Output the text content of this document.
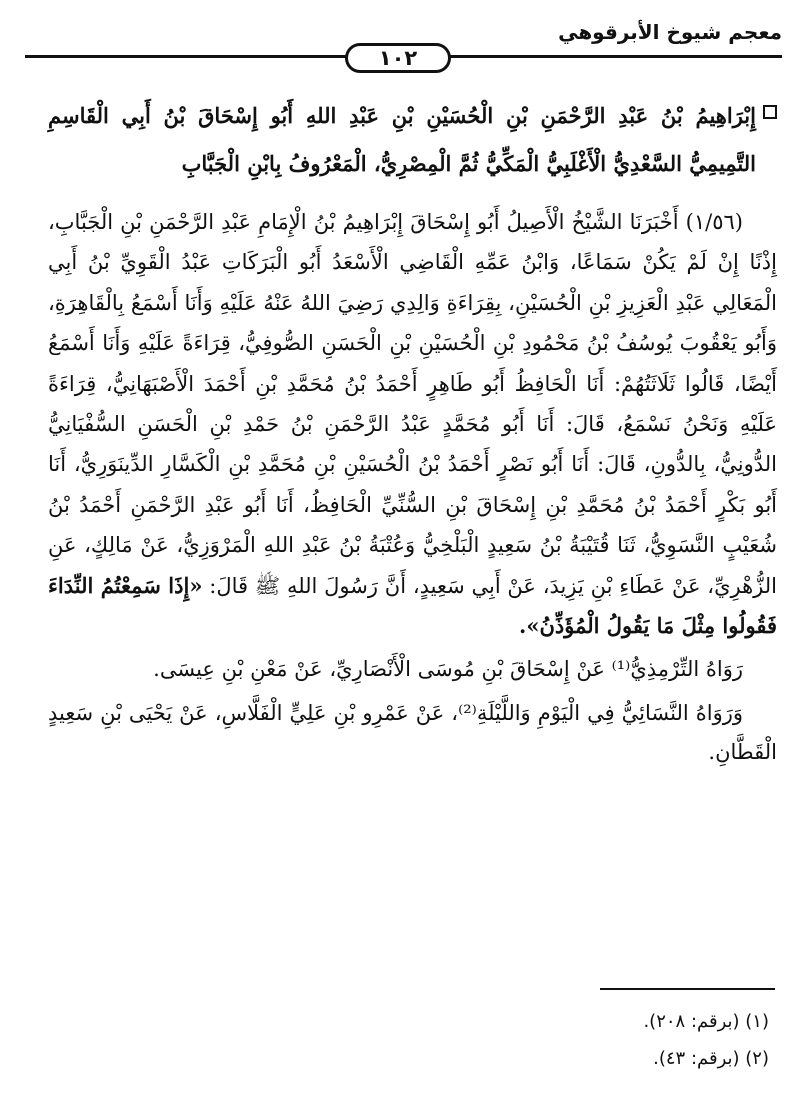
معجم شيوخ الأبرقوهي
١٠٢
إِبْرَاهِيمُ بْنُ عَبْدِ الرَّحْمَنِ بْنِ الْحُسَيْنِ بْنِ عَبْدِ اللهِ أَبُو إِسْحَاقَ بْنُ أَبِي الْقَاسِمِ التَّمِيمِيُّ السَّعْدِيُّ الْأَغْلَبِيُّ الْمَكِّيُّ ثُمَّ الْمِصْرِيُّ، الْمَعْرُوفُ بِابْنِ الْجَبَّابِ

(١/٥٦) أَخْبَرَنَا الشَّيْخُ الْأَصِيلُ أَبُو إِسْحَاقَ إِبْرَاهِيمُ بْنُ الْإِمَامِ عَبْدِ الرَّحْمَنِ بْنِ الْجَبَّابِ، إِذْنًا إِنْ لَمْ يَكُنْ سَمَاعًا، وَابْنُ عَمِّهِ الْقَاضِي الْأَسْعَدُ أَبُو الْبَرَكَاتِ عَبْدُ الْقَوِيِّ بْنُ أَبِي الْمَعَالِي عَبْدِ الْعَزِيزِ بْنِ الْحُسَيْنِ، بِقِرَاءَةِ وَالِدِي رَضِيَ اللهُ عَنْهُ عَلَيْهِ وَأَنَا أَسْمَعُ بِالْقَاهِرَةِ، وَأَبُو يَعْقُوبَ يُوسُفُ بْنُ مَحْمُودِ بْنِ الْحُسَيْنِ بْنِ الْحَسَنِ الصُّوفِيُّ، قِرَاءَةً عَلَيْهِ وَأَنَا أَسْمَعُ أَيْضًا، قَالُوا ثَلَاثَتُهُمْ: أَنَا الْحَافِظُ أَبُو طَاهِرٍ أَحْمَدُ بْنُ مُحَمَّدِ بْنِ أَحْمَدَ الْأَصْبَهَانِيُّ، قِرَاءَةً عَلَيْهِ وَنَحْنُ نَسْمَعُ، قَالَ: أَنَا أَبُو مُحَمَّدٍ عَبْدُ الرَّحْمَنِ بْنُ حَمْدِ بْنِ الْحَسَنِ السُّفْيَانِيُّ الدُّونِيُّ، بِالدُّونِ، قَالَ: أَنَا أَبُو نَصْرٍ أَحْمَدُ بْنُ الْحُسَيْنِ بْنِ مُحَمَّدِ بْنِ الْكَسَّارِ الدِّينَوَرِيُّ، أَنَا أَبُو بَكْرٍ أَحْمَدُ بْنُ مُحَمَّدِ بْنِ إِسْحَاقَ بْنِ السُّنِّيِّ الْحَافِظُ، أَنَا أَبُو عَبْدِ الرَّحْمَنِ أَحْمَدُ بْنُ شُعَيْبٍ النَّسَوِيُّ، ثَنَا قُتَيْبَةُ بْنُ سَعِيدٍ الْبَلْخِيُّ وَعُتْبَةُ بْنُ عَبْدِ اللهِ الْمَرْوَزِيُّ، عَنْ مَالِكٍ، عَنِ الزُّهْرِيِّ، عَنْ عَطَاءِ بْنِ يَزِيدَ، عَنْ أَبِي سَعِيدٍ، أَنَّ رَسُولَ اللهِ ﷺ قَالَ: «إِذَا سَمِعْتُمُ النِّدَاءَ فَقُولُوا مِثْلَ مَا يَقُولُ الْمُؤَذِّنُ».

رَوَاهُ التِّرْمِذِيُّ⁽¹⁾ عَنْ إِسْحَاقَ بْنِ مُوسَى الْأَنْصَارِيِّ، عَنْ مَعْنِ بْنِ عِيسَى.

وَرَوَاهُ النَّسَائِيُّ فِي الْيَوْمِ وَاللَّيْلَةِ⁽²⁾، عَنْ عَمْرِو بْنِ عَلِيٍّ الْفَلَّاسِ، عَنْ يَحْيَى بْنِ سَعِيدٍ الْقَطَّانِ.

(١) (برقم: ٢٠٨).
(٢) (برقم: ٤٣).
